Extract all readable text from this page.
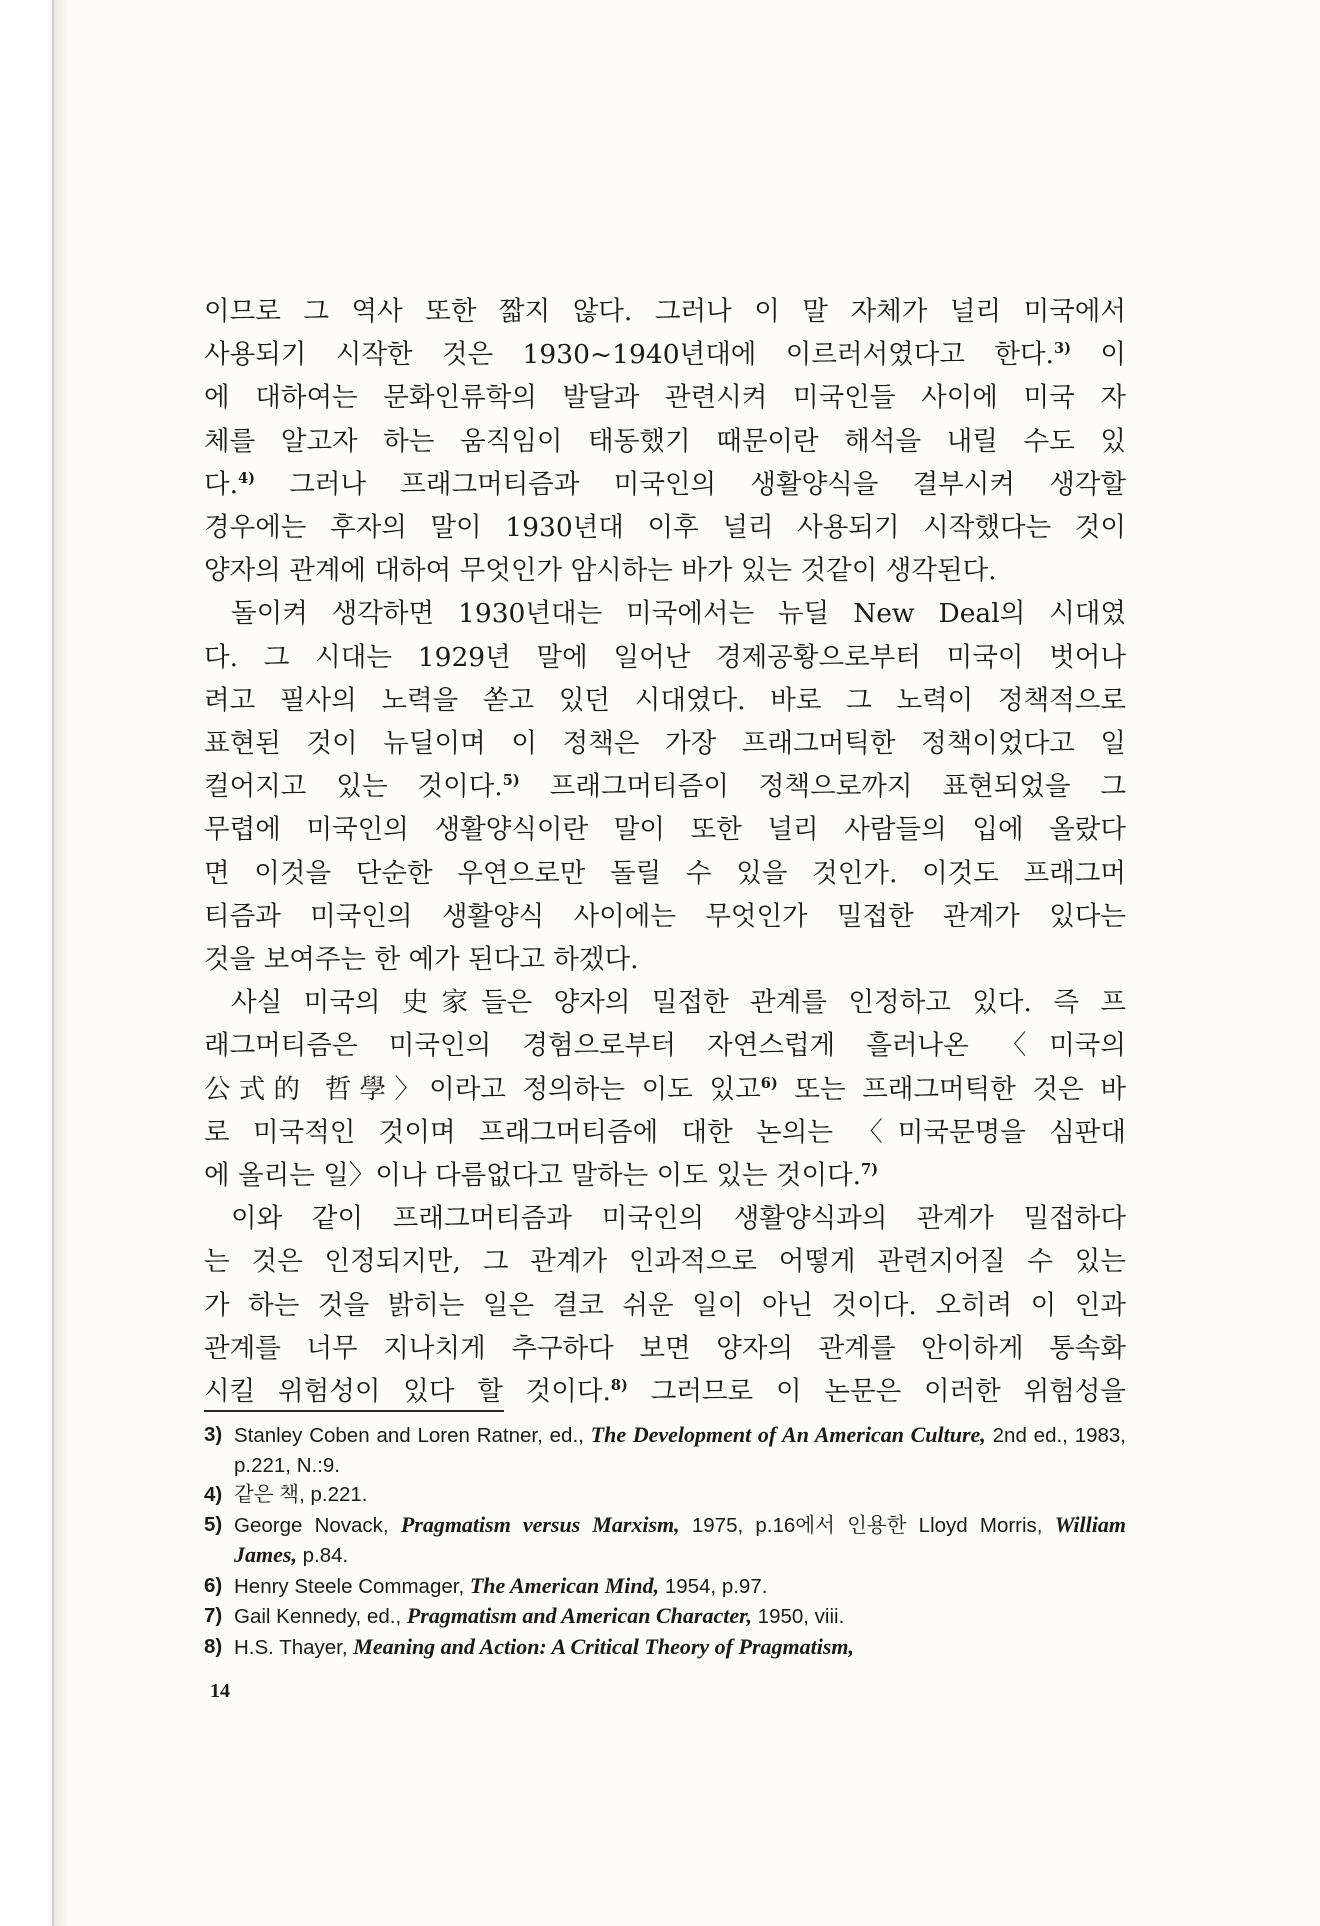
이므로 그 역사 또한 짧지 않다. 그러나 이 말 자체가 널리 미국에서
사용되기 시작한 것은 1930~1940년대에 이르러서였다고 한다.$^{3)}$ 이
에 대하여는 문화인류학의 발달과 관련시켜 미국인들 사이에 미국 자
체를 알고자 하는 움직임이 태동했기 때문이란 해석을 내릴 수도 있
다.$^{4)}$ 그러나 프래그머티즘과 미국인의 생활양식을 결부시켜 생각할
경우에는 후자의 말이 1930년대 이후 널리 사용되기 시작했다는 것이
양자의 관계에 대하여 무엇인가 암시하는 바가 있는 것같이 생각된다.

돌이켜 생각하면 1930년대는 미국에서는 뉴딜 New Deal의 시대였
다. 그 시대는 1929년 말에 일어난 경제공황으로부터 미국이 벗어나
려고 필사의 노력을 쏟고 있던 시대였다. 바로 그 노력이 정책적으로
표현된 것이 뉴딜이며 이 정책은 가장 프래그머틱한 정책이었다고 일
컬어지고 있는 것이다.$^{5)}$ 프래그머티즘이 정책으로까지 표현되었을 그
무렵에 미국인의 생활양식이란 말이 또한 널리 사람들의 입에 올랐다
면 이것을 단순한 우연으로만 돌릴 수 있을 것인가. 이것도 프래그머
티즘과 미국인의 생활양식 사이에는 무엇인가 밀접한 관계가 있다는
것을 보여주는 한 예가 된다고 하겠다.

사실 미국의 史家들은 양자의 밀접한 관계를 인정하고 있다. 즉 프
래그머티즘은 미국인의 경험으로부터 자연스럽게 흘러나온 〈미국의
公式的 哲學〉이라고 정의하는 이도 있고$^{6)}$ 또는 프래그머틱한 것은 바
로 미국적인 것이며 프래그머티즘에 대한 논의는 〈미국문명을 심판대
에 올리는 일〉이나 다름없다고 말하는 이도 있는 것이다.$^{7)}$

이와 같이 프래그머티즘과 미국인의 생활양식과의 관계가 밀접하다
는 것은 인정되지만, 그 관계가 인과적으로 어떻게 관련지어질 수 있는
가 하는 것을 밝히는 일은 결코 쉬운 일이 아닌 것이다. 오히려 이 인과
관계를 너무 지나치게 추구하다 보면 양자의 관계를 안이하게 통속화
시킬 위험성이 있다 할 것이다.$^{8)}$ 그러므로 이 논문은 이러한 위험성을

3) Stanley Coben and Loren Ratner, ed., The Development of An American Culture, 2nd ed., 1983, p.221, N.:9.
4) 같은 책, p.221.
5) George Novack, Pragmatism versus Marxism, 1975, p.16에서 인용한 Lloyd Morris, William James, p.84.
6) Henry Steele Commager, The American Mind, 1954, p.97.
7) Gail Kennedy, ed., Pragmatism and American Character, 1950, viii.
8) H.S. Thayer, Meaning and Action: A Critical Theory of Pragmatism,
14
